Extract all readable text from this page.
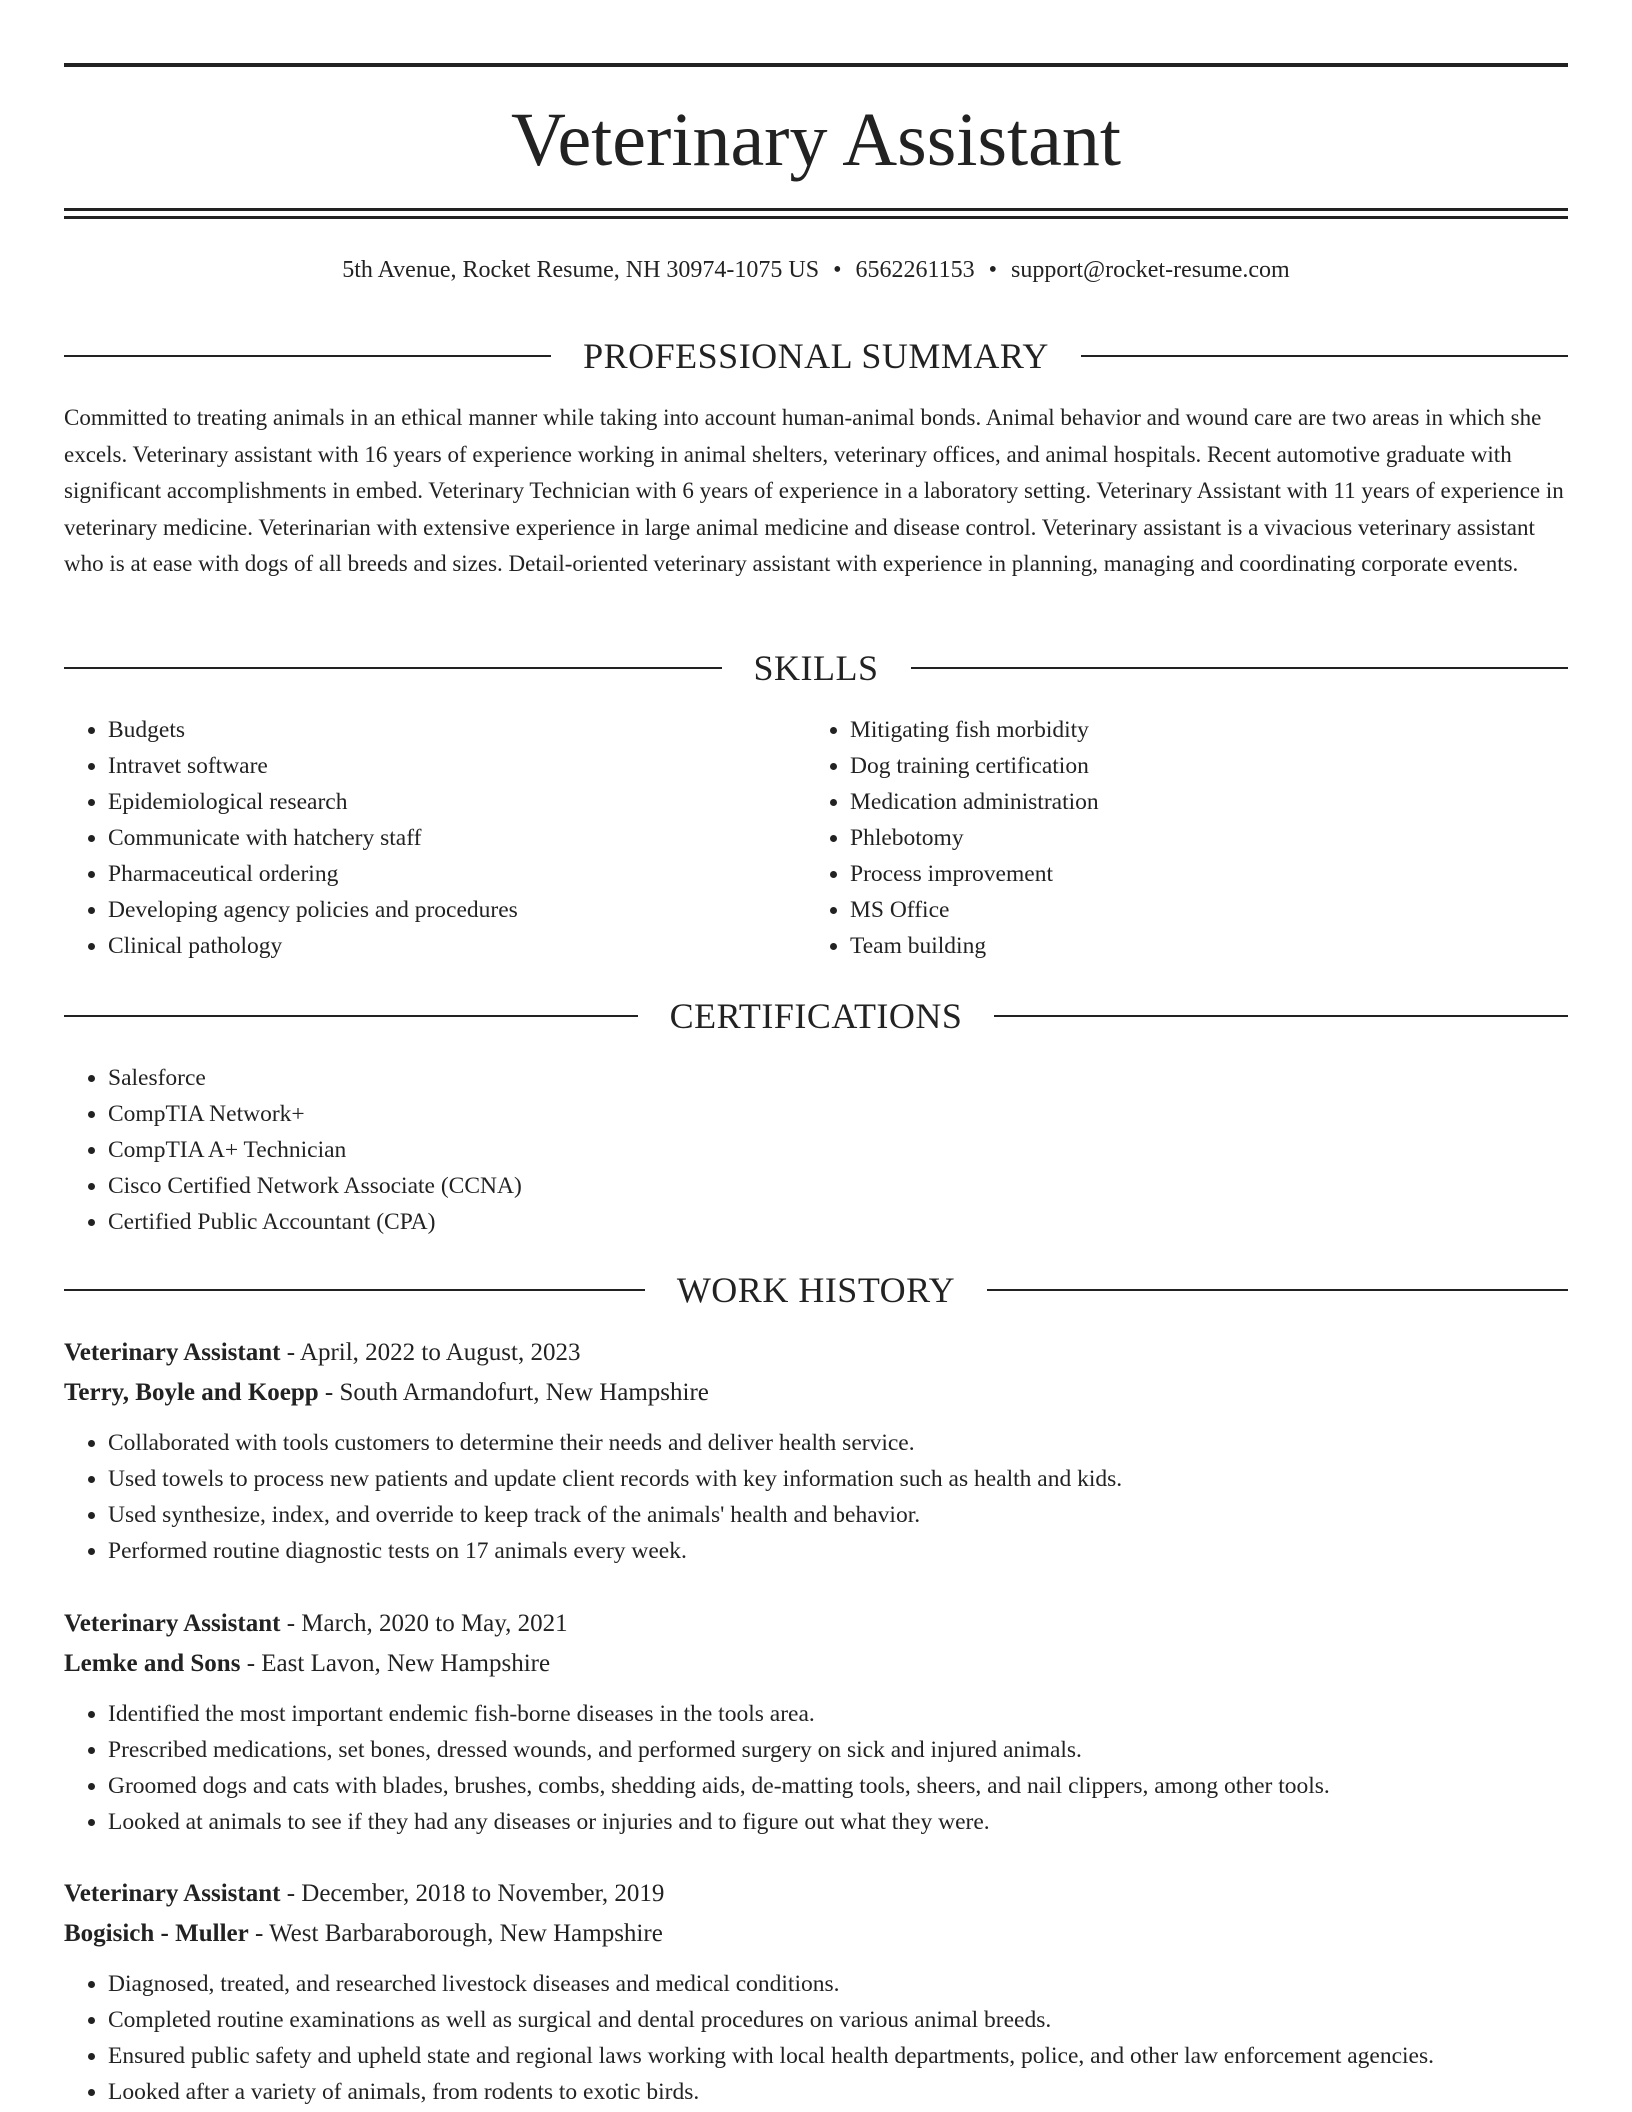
Veterinary Assistant
5th Avenue, Rocket Resume, NH 30974-1075 US • 6562261153 • support@rocket-resume.com
PROFESSIONAL SUMMARY

Committed to treating animals in an ethical manner while taking into account human-animal bonds. Animal behavior and wound care are two areas in which she excels. Veterinary assistant with 16 years of experience working in animal shelters, veterinary offices, and animal hospitals. Recent automotive graduate with significant accomplishments in embed. Veterinary Technician with 6 years of experience in a laboratory setting. Veterinary Assistant with 11 years of experience in veterinary medicine. Veterinarian with extensive experience in large animal medicine and disease control. Veterinary assistant is a vivacious veterinary assistant who is at ease with dogs of all breeds and sizes. Detail-oriented veterinary assistant with experience in planning, managing and coordinating corporate events.

SKILLS
• Budgets
• Intravet software
• Epidemiological research
• Communicate with hatchery staff
• Pharmaceutical ordering
• Developing agency policies and procedures
• Clinical pathology
• Mitigating fish morbidity
• Dog training certification
• Medication administration
• Phlebotomy
• Process improvement
• MS Office
• Team building
CERTIFICATIONS
• Salesforce
• CompTIA Network+
• CompTIA A+ Technician
• Cisco Certified Network Associate (CCNA)
• Certified Public Accountant (CPA)
WORK HISTORY
Veterinary Assistant - April, 2022 to August, 2023
Terry, Boyle and Koepp - South Armandofurt, New Hampshire
• Collaborated with tools customers to determine their needs and deliver health service.
• Used towels to process new patients and update client records with key information such as health and kids.
• Used synthesize, index, and override to keep track of the animals' health and behavior.
• Performed routine diagnostic tests on 17 animals every week.
Veterinary Assistant - March, 2020 to May, 2021
Lemke and Sons - East Lavon, New Hampshire
• Identified the most important endemic fish-borne diseases in the tools area.
• Prescribed medications, set bones, dressed wounds, and performed surgery on sick and injured animals.
• Groomed dogs and cats with blades, brushes, combs, shedding aids, de-matting tools, sheers, and nail clippers, among other tools.
• Looked at animals to see if they had any diseases or injuries and to figure out what they were.
Veterinary Assistant - December, 2018 to November, 2019
Bogisich - Muller - West Barbaraborough, New Hampshire
• Diagnosed, treated, and researched livestock diseases and medical conditions.
• Completed routine examinations as well as surgical and dental procedures on various animal breeds.
• Ensured public safety and upheld state and regional laws working with local health departments, police, and other law enforcement agencies.
• Looked after a variety of animals, from rodents to exotic birds.
